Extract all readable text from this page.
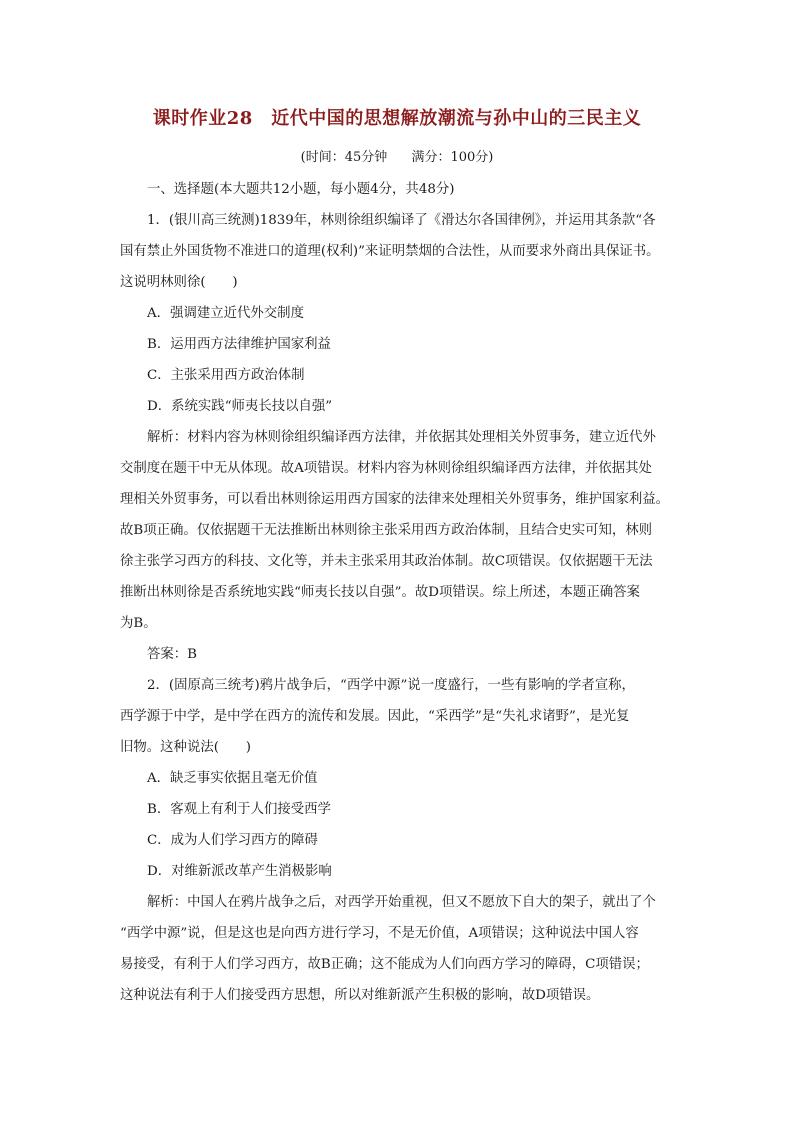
课时作业28　近代中国的思想解放潮流与孙中山的三民主义
(时间：45分钟 满分：100分)
一、选择题(本大题共12小题，每小题4分，共48分)
1．(银川高三统测)1839年，林则徐组织编译了《滑达尔各国律例》，并运用其条款“各
国有禁止外国货物不准进口的道理(权利)”来证明禁烟的合法性，从而要求外商出具保证书。
这说明林则徐(　　)
A．强调建立近代外交制度
B．运用西方法律维护国家利益
C．主张采用西方政治体制
D．系统实践“师夷长技以自强”
解析：材料内容为林则徐组织编译西方法律，并依据其处理相关外贸事务，建立近代外
交制度在题干中无从体现。故A项错误。材料内容为林则徐组织编译西方法律，并依据其处
理相关外贸事务，可以看出林则徐运用西方国家的法律来处理相关外贸事务，维护国家利益。
故B项正确。仅依据题干无法推断出林则徐主张采用西方政治体制，且结合史实可知，林则
徐主张学习西方的科技、文化等，并未主张采用其政治体制。故C项错误。仅依据题干无法
推断出林则徐是否系统地实践“师夷长技以自强”。故D项错误。综上所述，本题正确答案
为B。
答案：B
2．(固原高三统考)鸦片战争后，“西学中源”说一度盛行，一些有影响的学者宣称，
西学源于中学，是中学在西方的流传和发展。因此，“采西学”是“失礼求诸野”，是光复
旧物。这种说法(　　)
A．缺乏事实依据且毫无价值
B．客观上有利于人们接受西学
C．成为人们学习西方的障碍
D．对维新派改革产生消极影响
解析：中国人在鸦片战争之后，对西学开始重视，但又不愿放下自大的架子，就出了个
“西学中源”说，但是这也是向西方进行学习，不是无价值，A项错误；这种说法中国人容
易接受，有利于人们学习西方，故B正确；这不能成为人们向西方学习的障碍，C项错误；
这种说法有利于人们接受西方思想，所以对维新派产生积极的影响，故D项错误。
